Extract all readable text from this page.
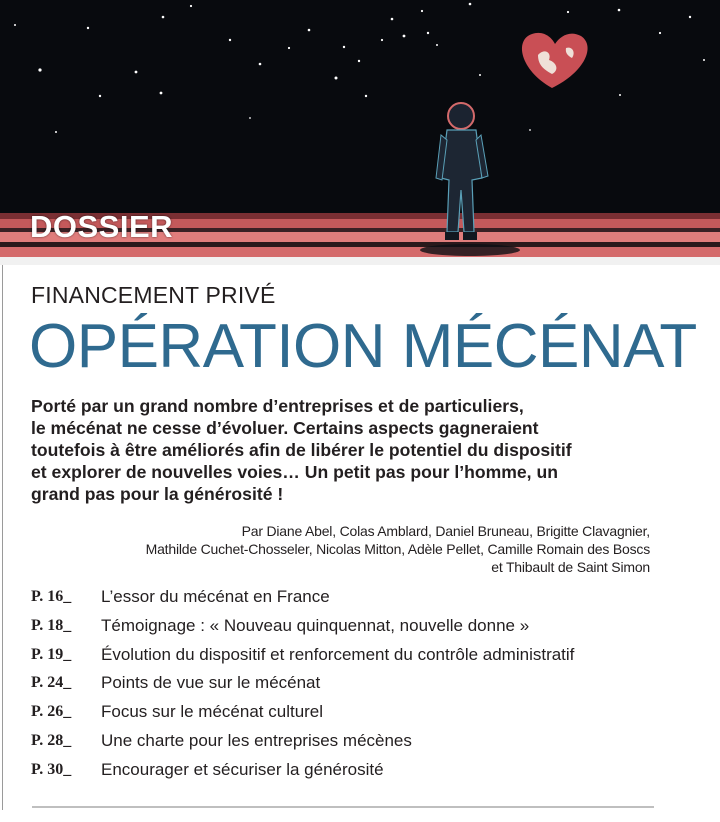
DOSSIER
FINANCEMENT PRIVÉ
OPÉRATION MÉCÉNAT
Porté par un grand nombre d’entreprises et de particuliers,
le mécénat ne cesse d’évoluer. Certains aspects gagneraient
toutefois à être améliorés afin de libérer le potentiel du dispositif
et explorer de nouvelles voies… Un petit pas pour l’homme, un
grand pas pour la générosité !
Par Diane Abel, Colas Amblard, Daniel Bruneau, Brigitte Clavagnier,
Mathilde Cuchet-Chosseler, Nicolas Mitton, Adèle Pellet, Camille Romain des Boscs
et Thibault de Saint Simon
P. 16_	L’essor du mécénat en France
P. 18_	Témoignage : « Nouveau quinquennat, nouvelle donne »
P. 19_	Évolution du dispositif et renforcement du contrôle administratif
P. 24_	Points de vue sur le mécénat
P. 26_	Focus sur le mécénat culturel
P. 28_	Une charte pour les entreprises mécènes
P. 30_	Encourager et sécuriser la générosité
